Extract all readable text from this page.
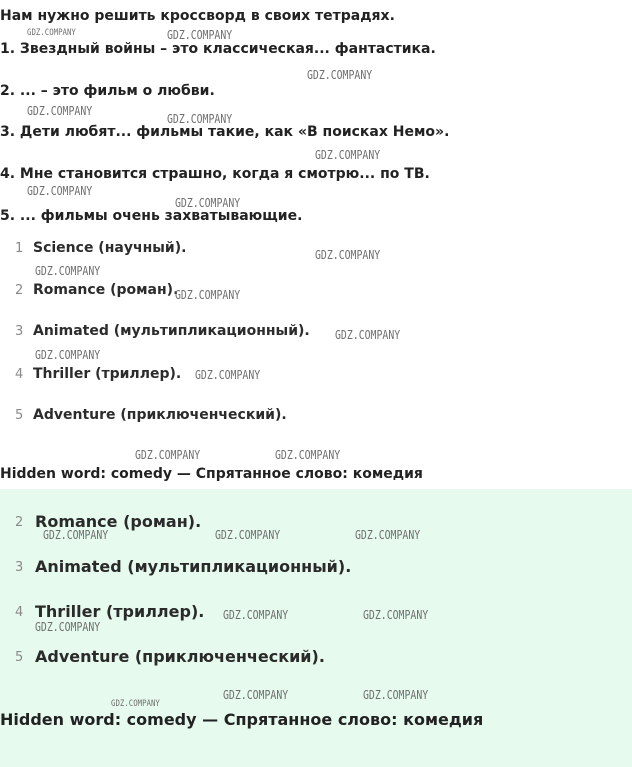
Нам нужно решить кроссворд в своих тетрадях.
1. Звездный войны – это классическая... фантастика.
2. ... – это фильм о любви.
3. Дети любят... фильмы такие, как «В поисках Немо».
4. Мне становится страшно, когда я смотрю... по ТВ.
5. ... фильмы очень захватывающие.
1 Science (научный).
2 Romance (роман).
3 Animated (мультипликационный).
4 Thriller (триллер).
5 Adventure (приключенческий).
Hidden word: comedy — Спрятанное слово: комедия
2 Romance (роман).
3 Animated (мультипликационный).
4 Thriller (триллер).
5 Adventure (приключенческий).
Hidden word: comedy — Спрятанное слово: комедия
GDZ.COMPANY	GDZ.COMPANY
GDZ.COMPANY
GDZ.COMPANY
GDZ.COMPANY
GDZ.COMPANY
GDZ.COMPANY
GDZ.COMPANY
GDZ.COMPANY
GDZ.COMPANY
GDZ.COMPANY
GDZ.COMPANY
GDZ.COMPANY
GDZ.COMPANY
GDZ.COMPANY	GDZ.COMPANY
GDZ.COMPANY	GDZ.COMPANY	GDZ.COMPANY
GDZ.COMPANY	GDZ.COMPANY
GDZ.COMPANY
GDZ.COMPANY	GDZ.COMPANY
GDZ.COMPANY
